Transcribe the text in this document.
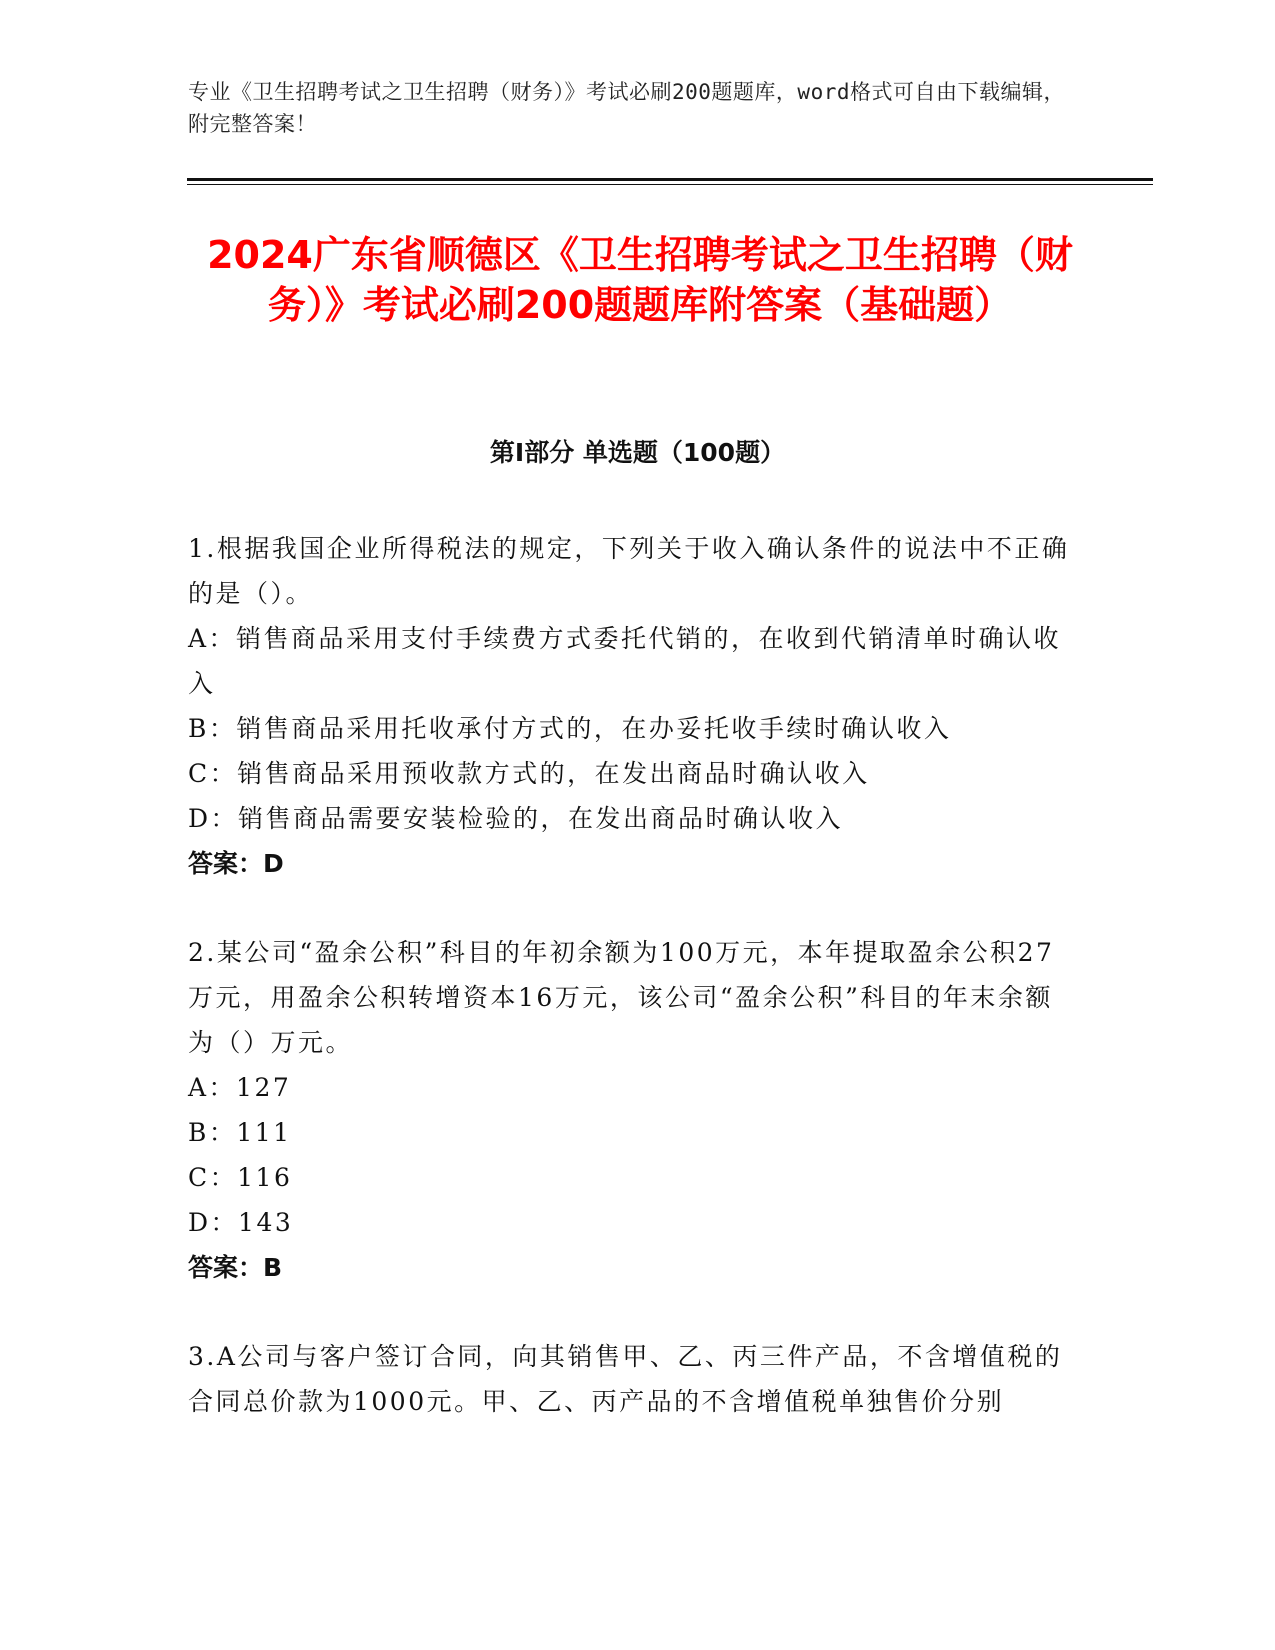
专业《卫生招聘考试之卫生招聘（财务）》考试必刷200题题库，word格式可自由下载编辑，附完整答案！
2024广东省顺德区《卫生招聘考试之卫生招聘（财务）》考试必刷200题题库附答案（基础题）
第I部分 单选题（100题）
1.根据我国企业所得税法的规定，下列关于收入确认条件的说法中不正确的是（）。
A：销售商品采用支付手续费方式委托代销的，在收到代销清单时确认收入
B：销售商品采用托收承付方式的，在办妥托收手续时确认收入
C：销售商品采用预收款方式的，在发出商品时确认收入
D：销售商品需要安装检验的，在发出商品时确认收入
答案：D
2.某公司“盈余公积”科目的年初余额为100万元，本年提取盈余公积27万元，用盈余公积转增资本16万元，该公司“盈余公积”科目的年末余额为（）万元。
A：127
B：111
C：116
D：143
答案：B
3.A公司与客户签订合同，向其销售甲、乙、丙三件产品，不含增值税的合同总价款为1000元。甲、乙、丙产品的不含增值税单独售价分别
